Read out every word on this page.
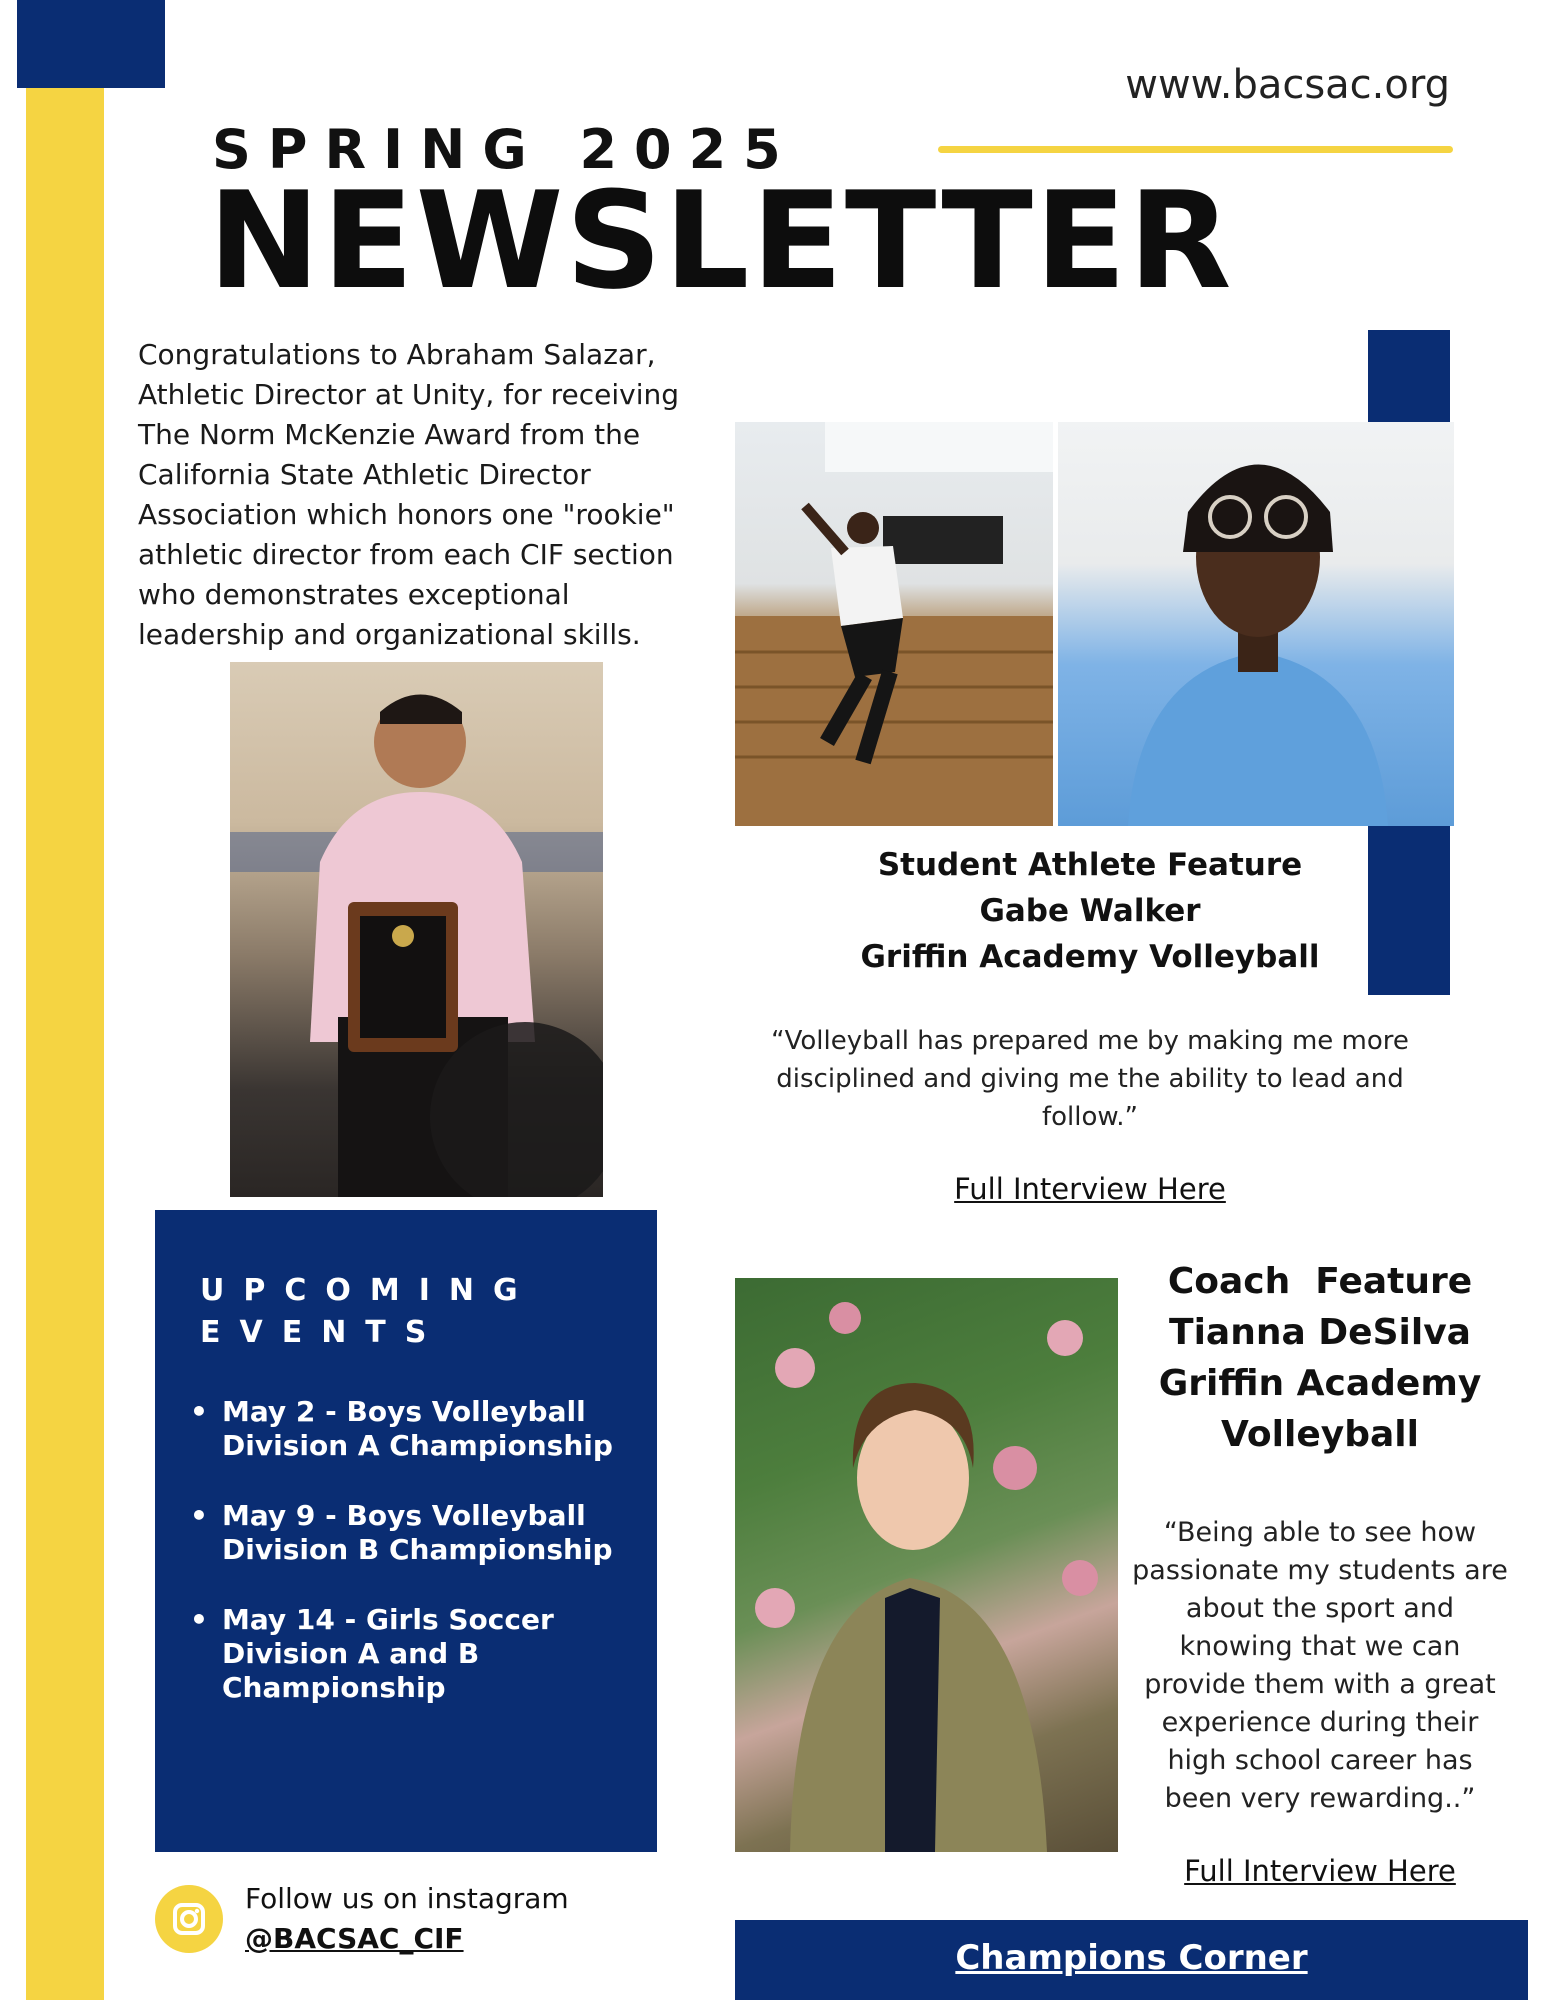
www.bacsac.org
SPRING 2025
NEWSLETTER
Congratulations to Abraham Salazar, Athletic Director at Unity, for receiving The Norm McKenzie Award from the California State Athletic Director Association which honors one "rookie" athletic director from each CIF section who demonstrates exceptional leadership and organizational skills.
Student Athlete Feature
Gabe Walker
Griffin Academy Volleyball
“Volleyball has prepared me by making me more disciplined and giving me the ability to lead and follow.”
Full Interview Here
UPCOMING
EVENTS
• May 2 - Boys Volleyball Division A Championship
• May 9 - Boys Volleyball Division B Championship
• May 14 - Girls Soccer Division A and B Championship
Coach  Feature
Tianna DeSilva
Griffin Academy
Volleyball
“Being able to see how passionate my students are about the sport and knowing that we can provide them with a great experience during their high school career has been very rewarding..”
Full Interview Here
Follow us on instagram
@BACSAC_CIF	Champions Corner
